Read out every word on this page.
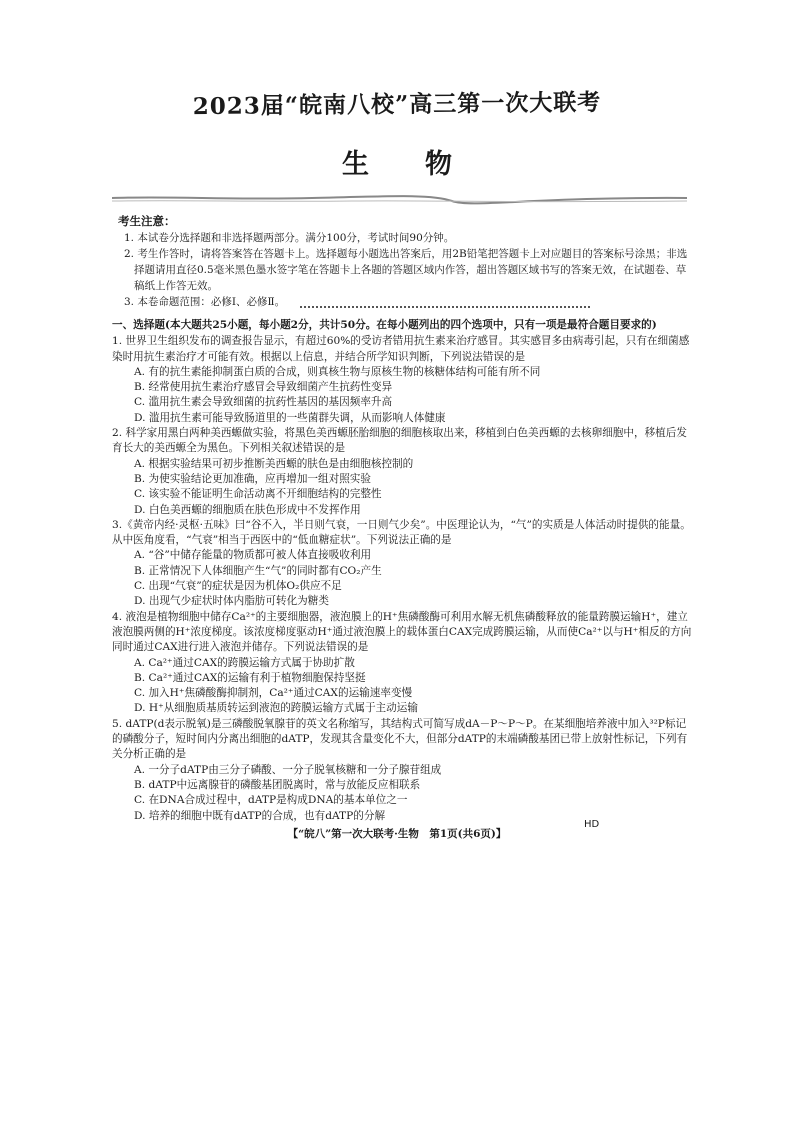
2023届“皖南八校”高三第一次大联考
生 物
考生注意：
1. 本试卷分选择题和非选择题两部分。满分100分，考试时间90分钟。
2. 考生作答时，请将答案答在答题卡上。选择题每小题选出答案后，用2B铅笔把答题卡上对应题目的答案标号涂黑；非选择题请用直径0.5毫米黑色墨水签字笔在答题卡上各题的答题区域内作答，超出答题区域书写的答案无效，在试题卷、草稿纸上作答无效。
3. 本卷命题范围：必修Ⅰ、必修Ⅱ。
一、选择题(本大题共25小题，每小题2分，共计50分。在每小题列出的四个选项中，只有一项是最符合题目要求的)
1. 世界卫生组织发布的调查报告显示，有超过60%的受访者错用抗生素来治疗感冒。其实感冒多由病毒引起，只有在细菌感染时用抗生素治疗才可能有效。根据以上信息，并结合所学知识判断，下列说法错误的是
A. 有的抗生素能抑制蛋白质的合成，则真核生物与原核生物的核糖体结构可能有所不同
B. 经常使用抗生素治疗感冒会导致细菌产生抗药性变异
C. 滥用抗生素会导致细菌的抗药性基因的基因频率升高
D. 滥用抗生素可能导致肠道里的一些菌群失调，从而影响人体健康
2. 科学家用黑白两种美西螈做实验，将黑色美西螈胚胎细胞的细胞核取出来，移植到白色美西螈的去核卵细胞中，移植后发育长大的美西螈全为黑色。下列相关叙述错误的是
A. 根据实验结果可初步推断美西螈的肤色是由细胞核控制的
B. 为使实验结论更加准确，应再增加一组对照实验
C. 该实验不能证明生命活动离不开细胞结构的完整性
D. 白色美西螈的细胞质在肤色形成中不发挥作用
3.《黄帝内经·灵枢·五味》曰“谷不入，半日则气衰，一日则气少矣”。中医理论认为，“气”的实质是人体活动时提供的能量。从中医角度看，“气衰”相当于西医中的“低血糖症状”。下列说法正确的是
A. “谷”中储存能量的物质都可被人体直接吸收利用
B. 正常情况下人体细胞产生“气”的同时都有CO₂产生
C. 出现“气衰”的症状是因为机体O₂供应不足
D. 出现气少症状时体内脂肪可转化为糖类
4. 液泡是植物细胞中储存Ca²⁺的主要细胞器，液泡膜上的H⁺焦磷酸酶可利用水解无机焦磷酸释放的能量跨膜运输H⁺，建立液泡膜两侧的H⁺浓度梯度。该浓度梯度驱动H⁺通过液泡膜上的载体蛋白CAX完成跨膜运输，从而使Ca²⁺以与H⁺相反的方向同时通过CAX进行进入液泡并储存。下列说法错误的是
A. Ca²⁺通过CAX的跨膜运输方式属于协助扩散
B. Ca²⁺通过CAX的运输有利于植物细胞保持坚挺
C. 加入H⁺焦磷酸酶抑制剂，Ca²⁺通过CAX的运输速率变慢
D. H⁺从细胞质基质转运到液泡的跨膜运输方式属于主动运输
5. dATP(d表示脱氧)是三磷酸脱氧腺苷的英文名称缩写，其结构式可简写成dA－P～P～P。在某细胞培养液中加入³²P标记的磷酸分子，短时间内分离出细胞的dATP，发现其含量变化不大，但部分dATP的末端磷酸基团已带上放射性标记，下列有关分析正确的是
A. 一分子dATP由三分子磷酸、一分子脱氧核糖和一分子腺苷组成
B. dATP中远离腺苷的磷酸基团脱离时，常与放能反应相联系
C. 在DNA合成过程中，dATP是构成DNA的基本单位之一
D. 培养的细胞中既有dATP的合成，也有dATP的分解
HD
【“皖八”第一次大联考·生物　第1页(共6页)】
